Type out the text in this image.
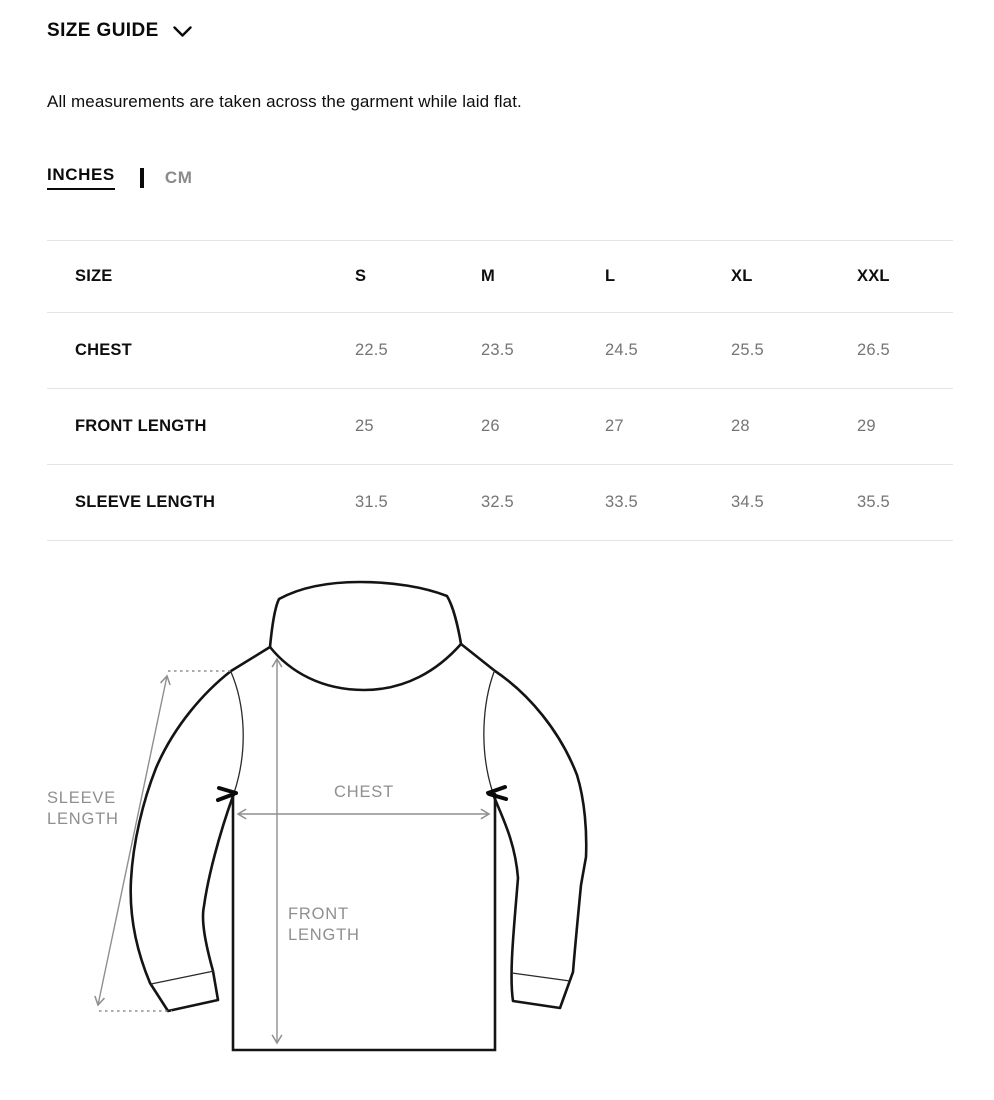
SIZE GUIDE

All measurements are taken across the garment while laid flat.

INCHES	CM
SIZE	S	M	L	XL	XXL
CHEST	22.5	23.5	24.5	25.5	26.5
FRONT LENGTH	25	26	27	28	29
SLEEVE LENGTH	31.5	32.5	33.5	34.5	35.5
CHEST
FRONT
LENGTH
SLEEVE
LENGTH
